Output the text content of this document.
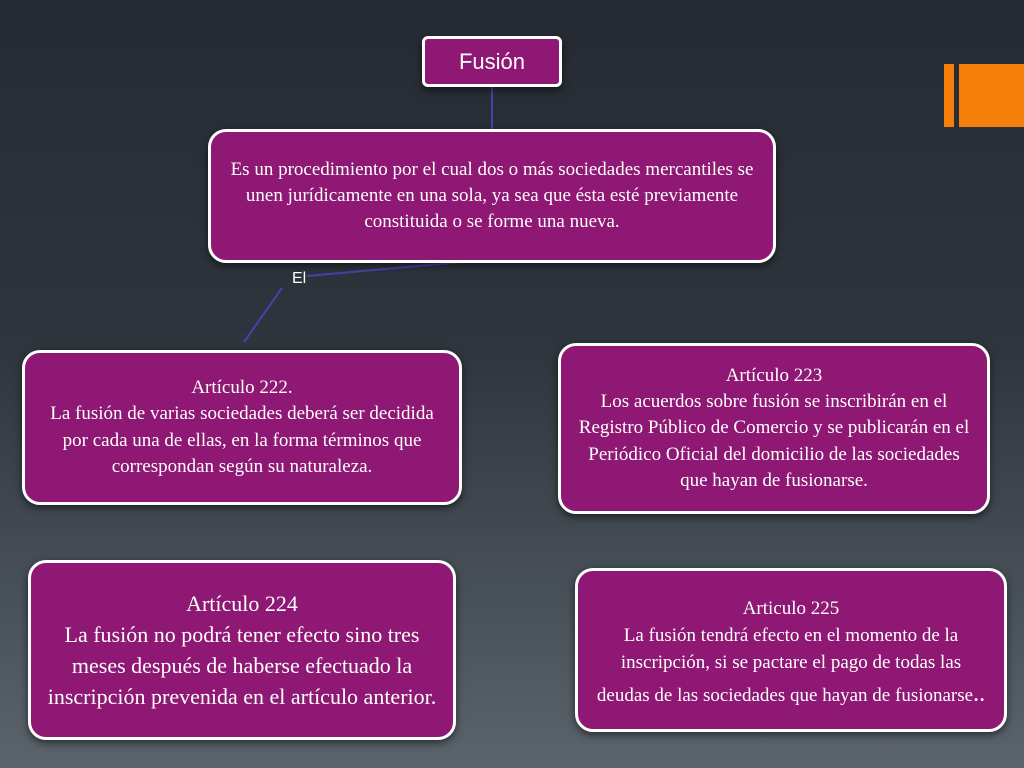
Fusión
Es un procedimiento por el cual dos o más sociedades mercantiles se unen jurídicamente en una sola, ya sea que ésta esté previamente constituida o se forme una nueva.
El
Artículo 222.
La fusión de varias sociedades deberá ser decidida por cada una de ellas, en la forma términos que correspondan según su naturaleza.
Artículo 223
Los acuerdos sobre fusión se inscribirán en el Registro Público de Comercio y se publicarán en el Periódico Oficial del domicilio de las sociedades que hayan de fusionarse.
Artículo 224
La fusión no podrá tener efecto sino tres meses después de haberse efectuado la inscripción prevenida en el artículo anterior.
Articulo 225
La fusión tendrá efecto en el momento de la inscripción, si se pactare el pago de todas las deudas de las sociedades que hayan de fusionarse..
